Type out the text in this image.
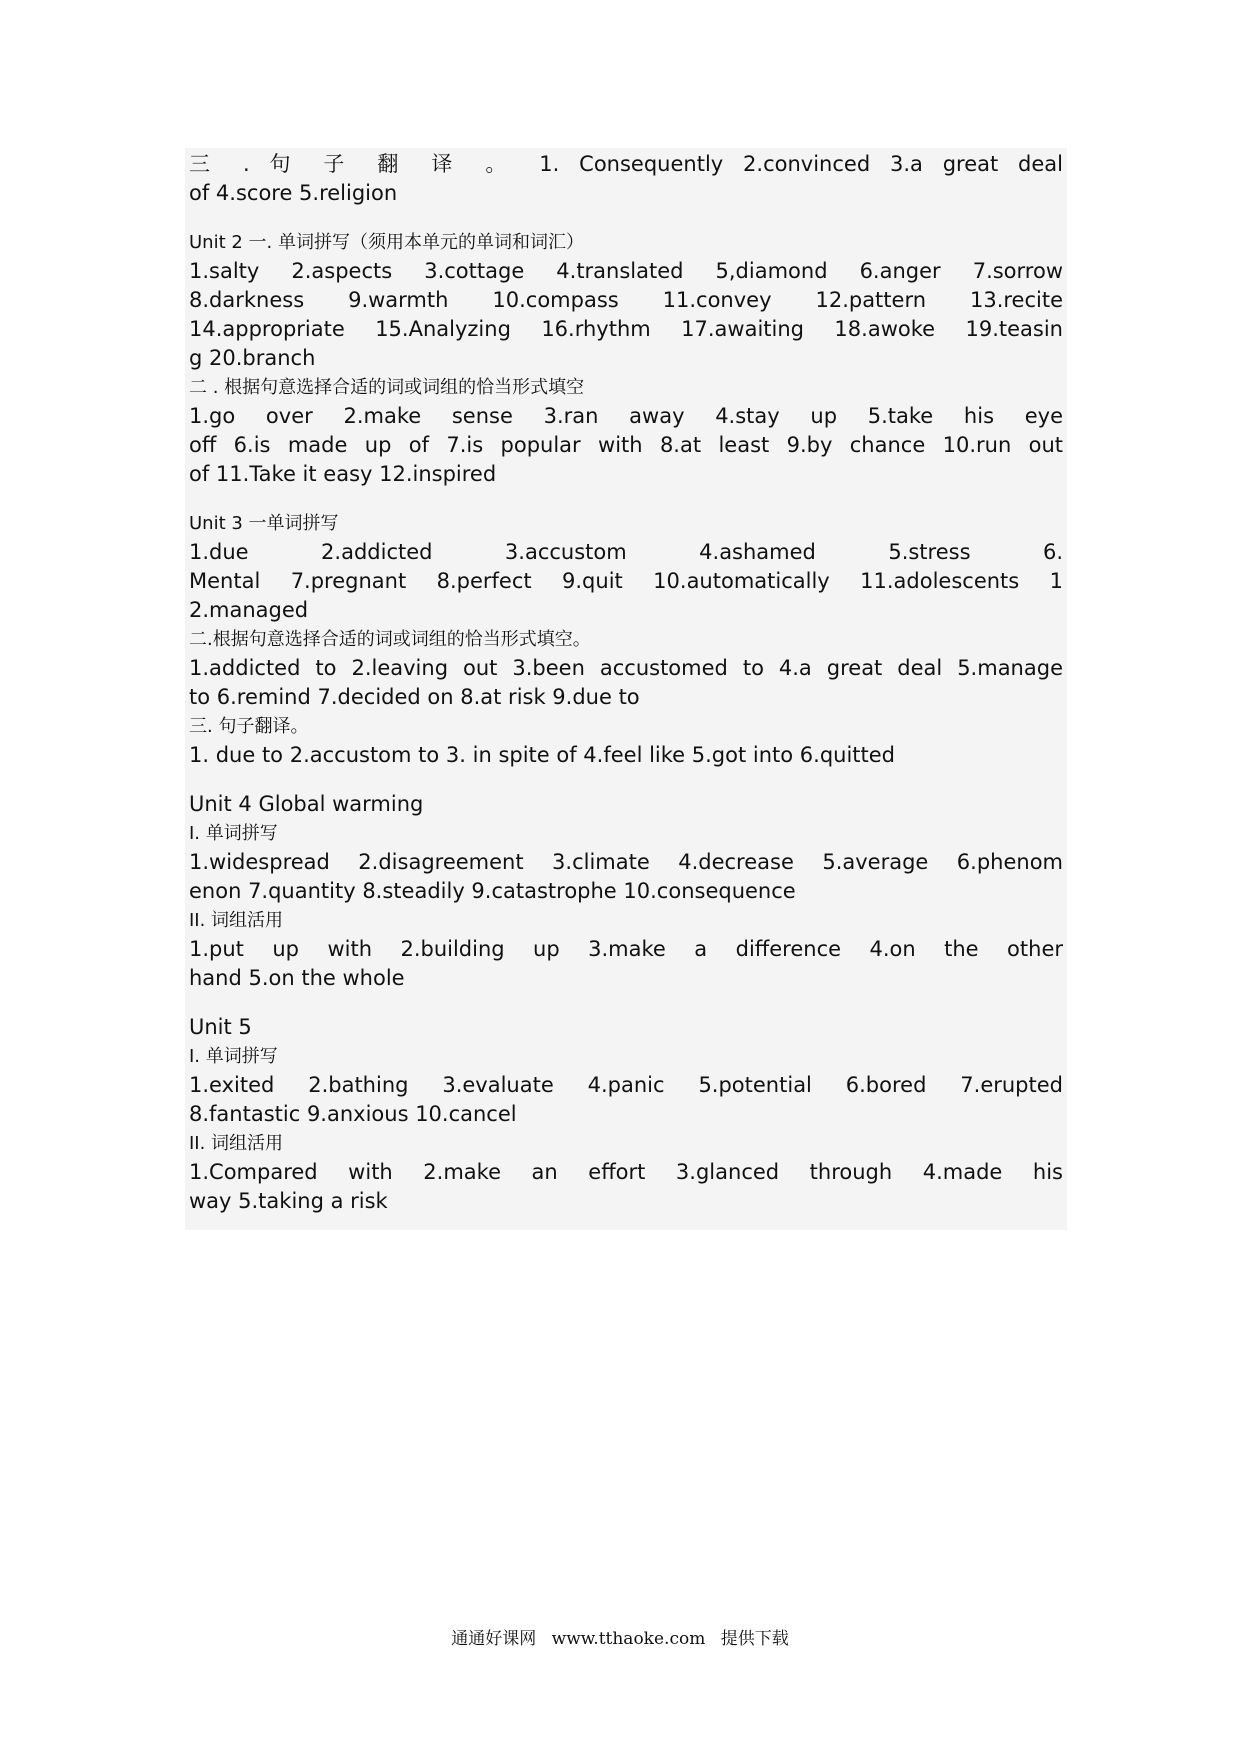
三 . 句 子 翻 译 。 1. Consequently 2.convinced 3.a great deal
of 4.score 5.religion
Unit 2 一. 单词拼写（须用本单元的单词和词汇）
1.salty 2.aspects 3.cottage 4.translated 5,diamond 6.anger 7.sorrow
8.darkness 9.warmth 10.compass 11.convey 12.pattern 13.recite
14.appropriate 15.Analyzing 16.rhythm 17.awaiting 18.awoke 19.teasin
g 20.branch
二 . 根据句意选择合适的词或词组的恰当形式填空
1.go over 2.make sense 3.ran away 4.stay up 5.take his eye
off 6.is made up of 7.is popular with 8.at least 9.by chance 10.run out
of 11.Take it easy 12.inspired
Unit 3 一单词拼写
1.due 2.addicted 3.accustom 4.ashamed 5.stress 6.
Mental 7.pregnant 8.perfect 9.quit 10.automatically 11.adolescents 1
2.managed
二.根据句意选择合适的词或词组的恰当形式填空。
1.addicted to 2.leaving out 3.been accustomed to 4.a great deal 5.manage
to 6.remind 7.decided on 8.at risk 9.due to
三. 句子翻译。
1. due to 2.accustom to 3. in spite of 4.feel like 5.got into 6.quitted
Unit 4 Global warming
I. 单词拼写
1.widespread 2.disagreement 3.climate 4.decrease 5.average 6.phenom
enon 7.quantity 8.steadily 9.catastrophe 10.consequence
II. 词组活用
1.put up with 2.building up 3.make a difference 4.on the other
hand 5.on the whole
Unit 5
I. 单词拼写
1.exited 2.bathing 3.evaluate 4.panic 5.potential 6.bored 7.erupted
8.fantastic 9.anxious 10.cancel
II. 词组活用
1.Compared with 2.make an effort 3.glanced through 4.made his
way 5.taking a risk
通通好课网 www.tthaoke.com 提供下载
